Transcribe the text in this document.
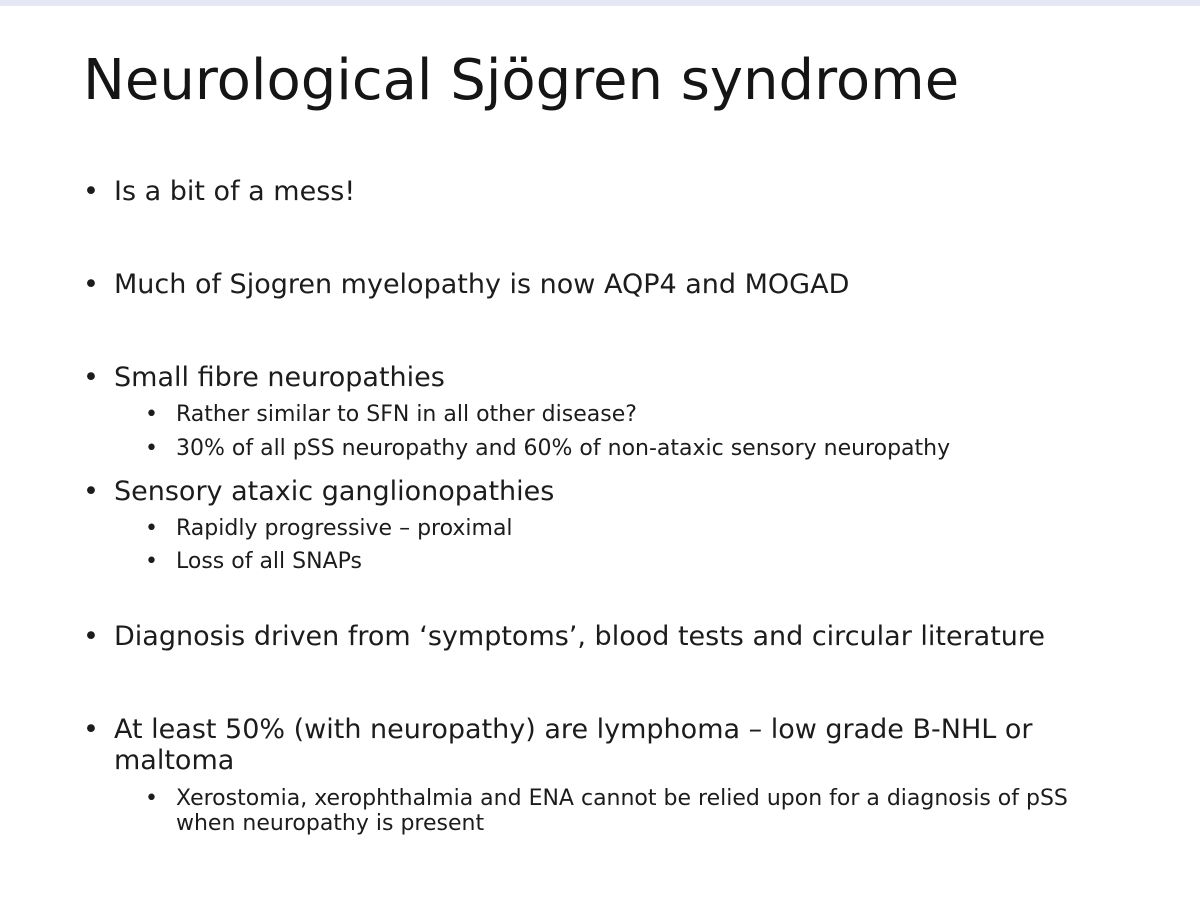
Neurological Sjögren syndrome
• Is a bit of a mess!
• Much of Sjogren myelopathy is now AQP4 and MOGAD
• Small fibre neuropathies
• Rather similar to SFN in all other disease?
• 30% of all pSS neuropathy and 60% of non-ataxic sensory neuropathy
• Sensory ataxic ganglionopathies
• Rapidly progressive – proximal
• Loss of all SNAPs
• Diagnosis driven from ‘symptoms’, blood tests and circular literature
• At least 50% (with neuropathy) are lymphoma – low grade B-NHL or maltoma
• Xerostomia, xerophthalmia and ENA cannot be relied upon for a diagnosis of pSS when neuropathy is present
